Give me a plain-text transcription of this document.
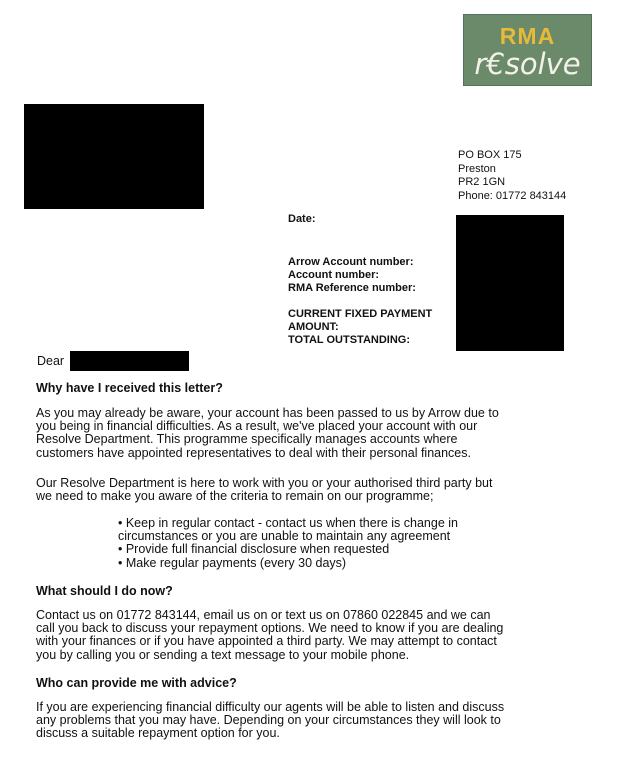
RMA
r€solve
PO BOX 175
Preston
PR2 1GN
Phone: 01772 843144
Date:
Arrow Account number:
Account number:
RMA Reference number:
CURRENT FIXED PAYMENT
AMOUNT:
TOTAL OUTSTANDING:
Dear
Why have I received this letter?
As you may already be aware, your account has been passed to us by Arrow due to
you being in financial difficulties. As a result, we've placed your account with our
Resolve Department. This programme specifically manages accounts where
customers have appointed representatives to deal with their personal finances.
Our Resolve Department is here to work with you or your authorised third party but
we need to make you aware of the criteria to remain on our programme;
• Keep in regular contact - contact us when there is change in
circumstances or you are unable to maintain any agreement
• Provide full financial disclosure when requested
• Make regular payments (every 30 days)
What should I do now?
Contact us on 01772 843144, email us on or text us on 07860 022845 and we can
call you back to discuss your repayment options. We need to know if you are dealing
with your finances or if you have appointed a third party. We may attempt to contact
you by calling you or sending a text message to your mobile phone.
Who can provide me with advice?
If you are experiencing financial difficulty our agents will be able to listen and discuss
any problems that you may have. Depending on your circumstances they will look to
discuss a suitable repayment option for you.
